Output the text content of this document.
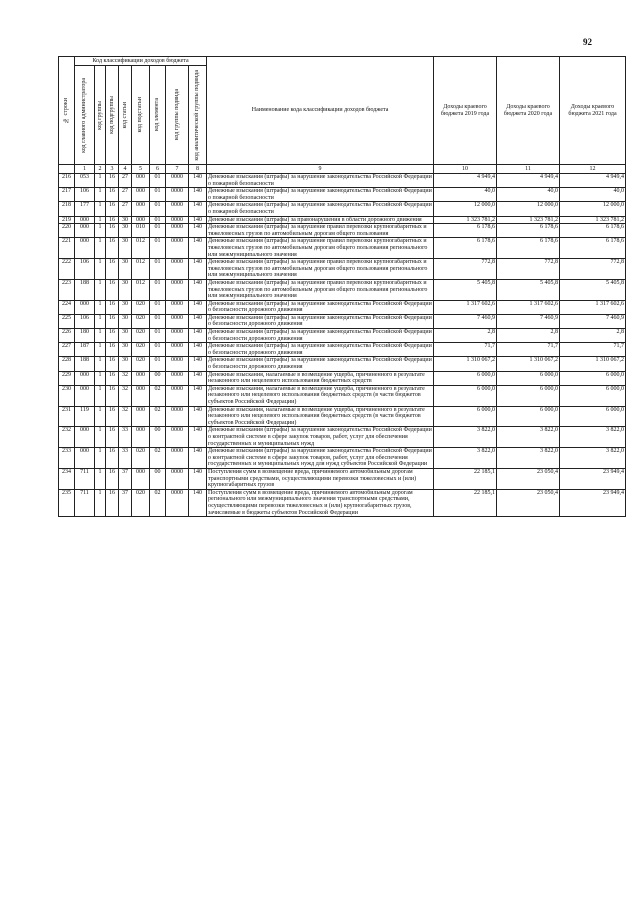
92
№ строки	Код классификации доходов бюджета								Наименование кода классификации доходов бюджета	Доходы краевого бюджета 2019 года	Доходы краевого бюджета 2020 года	Доходы краевого бюджета 2021 года

	код главного администратора	код группы	код подгруппы	код статьи	код подстатьи	код элемента	код группы подвида	код аналитической группы подвида				

	1	2	3	4	5	6	7	8	9	10	11	12
216	053	1	16	27	000	01	0000	140	Денежные взыскания (штрафы) за нарушение законодательства Российской Федерации о пожарной безопасности	4 949,4	4 949,4	4 949,4
217	106	1	16	27	000	01	0000	140	Денежные взыскания (штрафы) за нарушение законодательства Российской Федерации о пожарной безопасности	40,0	40,0	40,0
218	177	1	16	27	000	01	0000	140	Денежные взыскания (штрафы) за нарушение законодательства Российской Федерации о пожарной безопасности	12 000,0	12 000,0	12 000,0
219	000	1	16	30	000	01	0000	140	Денежные взыскания (штрафы) за правонарушения в области дорожного движения	1 323 781,2	1 323 781,2	1 323 781,2
220	000	1	16	30	010	01	0000	140	Денежные взыскания (штрафы) за нарушение правил перевозки крупногабаритных и тяжеловесных грузов по автомобильным дорогам общего пользования	6 178,6	6 178,6	6 178,6
221	000	1	16	30	012	01	0000	140	Денежные взыскания (штрафы) за нарушение правил перевозки крупногабаритных и тяжеловесных грузов по автомобильным дорогам общего пользования регионального или межмуниципального значения	6 178,6	6 178,6	6 178,6
222	106	1	16	30	012	01	0000	140	Денежные взыскания (штрафы) за нарушение правил перевозки крупногабаритных и тяжеловесных грузов по автомобильным дорогам общего пользования регионального или межмуниципального значения	772,8	772,8	772,8
223	188	1	16	30	012	01	0000	140	Денежные взыскания (штрафы) за нарушение правил перевозки крупногабаритных и тяжеловесных грузов по автомобильным дорогам общего пользования регионального или межмуниципального значения	5 405,8	5 405,8	5 405,8
224	000	1	16	30	020	01	0000	140	Денежные взыскания (штрафы) за нарушение законодательства Российской Федерации о безопасности дорожного движения	1 317 602,6	1 317 602,6	1 317 602,6
225	106	1	16	30	020	01	0000	140	Денежные взыскания (штрафы) за нарушение законодательства Российской Федерации о безопасности дорожного движения	7 460,9	7 460,9	7 460,9
226	180	1	16	30	020	01	0000	140	Денежные взыскания (штрафы) за нарушение законодательства Российской Федерации о безопасности дорожного движения	2,8	2,8	2,8
227	187	1	16	30	020	01	0000	140	Денежные взыскания (штрафы) за нарушение законодательства Российской Федерации о безопасности дорожного движения	71,7	71,7	71,7
228	188	1	16	30	020	01	0000	140	Денежные взыскания (штрафы) за нарушение законодательства Российской Федерации о безопасности дорожного движения	1 310 067,2	1 310 067,2	1 310 067,2
229	000	1	16	32	000	00	0000	140	Денежные взыскания, налагаемые в возмещение ущерба, причиненного в результате незаконного или нецелевого использования бюджетных средств	6 000,0	6 000,0	6 000,0
230	000	1	16	32	000	02	0000	140	Денежные взыскания, налагаемые в возмещение ущерба, причиненного в результате незаконного или нецелевого использования бюджетных средств (в части бюджетов субъектов Российской Федерации)	6 000,0	6 000,0	6 000,0
231	119	1	16	32	000	02	0000	140	Денежные взыскания, налагаемые в возмещение ущерба, причиненного в результате незаконного или нецелевого использования бюджетных средств (в части бюджетов субъектов Российской Федерации)	6 000,0	6 000,0	6 000,0
232	000	1	16	33	000	00	0000	140	Денежные взыскания (штрафы) за нарушение законодательства Российской Федерации о контрактной системе в сфере закупок товаров, работ, услуг для обеспечения государственных и муниципальных нужд	3 822,0	3 822,0	3 822,0
233	000	1	16	33	020	02	0000	140	Денежные взыскания (штрафы) за нарушение законодательства Российской Федерации о контрактной системе в сфере закупок товаров, работ, услуг для обеспечения государственных и муниципальных нужд для нужд субъектов Российской Федерации	3 822,0	3 822,0	3 822,0
234	711	1	16	37	000	00	0000	140	Поступления сумм в возмещение вреда, причиняемого автомобильным дорогам транспортными средствами, осуществляющими перевозки тяжеловесных и (или) крупногабаритных грузов	22 185,1	23 050,4	23 949,4
235	711	1	16	37	020	02	0000	140	Поступления сумм в возмещение вреда, причиняемого автомобильным дорогам регионального или межмуниципального значения транспортными средствами, осуществляющими перевозки тяжеловесных и (или) крупногабаритных грузов, зачисляемые в бюджеты субъектов Российской Федерации	22 185,1	23 050,4	23 949,4
